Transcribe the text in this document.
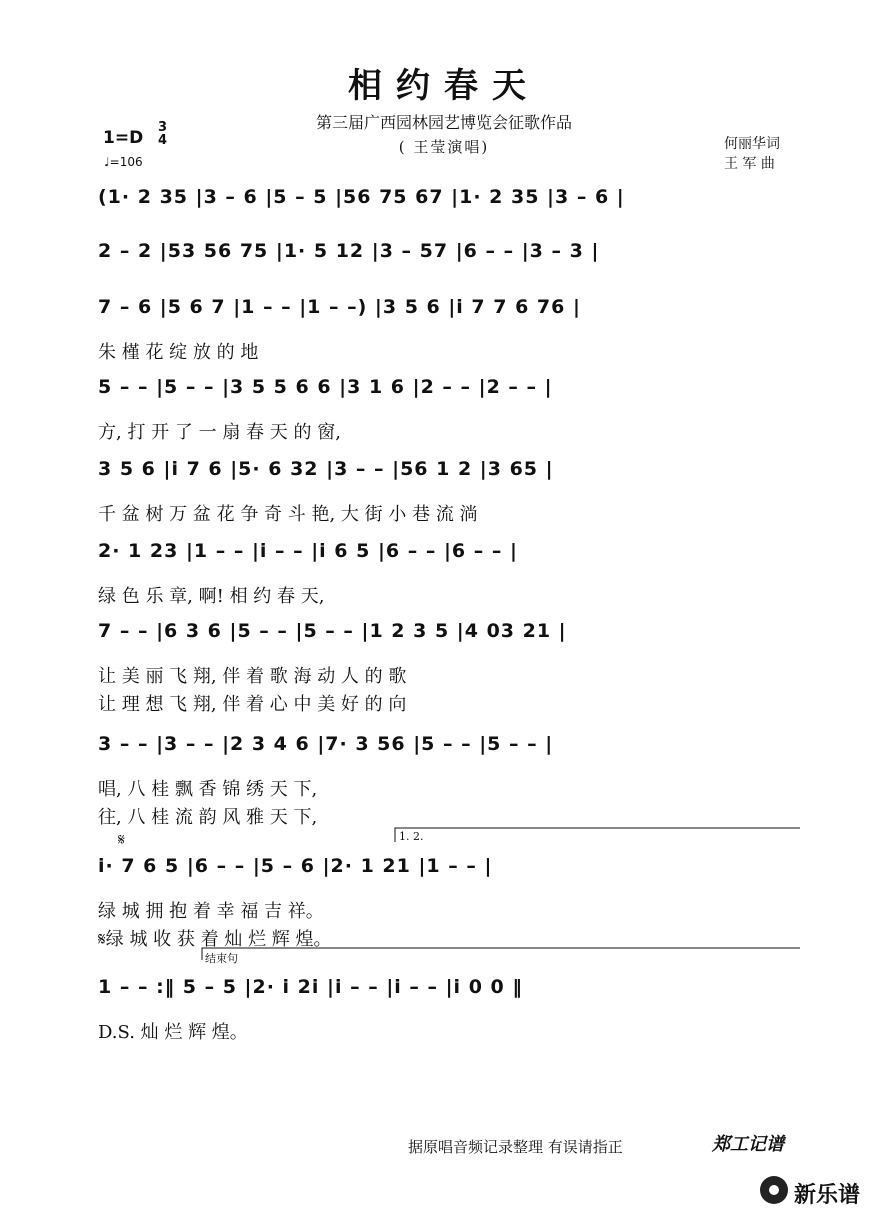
相约春天
第三届广西园林园艺博览会征歌作品
( 王莹演唱)
1=D
3
4
♩=106
何丽华词
王 军 曲
(1· 2 35 |3 – 6 |5 – 5 |56 75 67 |1· 2 35 |3 – 6 |
2 – 2 |53 56 75 |1· 5 12 |3 – 57 |6 – – |3 – 3 |
7 – 6 |5 6 7 |1 – – |1 – –) |3 5 6 |i 7 7 6 76 |
朱 槿 花 绽 放 的 地
5 – – |5 – – |3 5 5 6 6 |3 1 6 |2 – – |2 – – |
方, 打 开 了 一 扇 春 天 的 窗,
3 5 6 |i 7 6 |5· 6 32 |3 – – |56 1 2 |3 65 |
千 盆 树 万 盆 花 争 奇 斗 艳, 大 街 小 巷 流 淌
2· 1 23 |1 – – |i – – |i 6 5 |6 – – |6 – – |
绿 色 乐 章, 啊! 相 约 春 天,
7 – – |6 3 6 |5 – – |5 – – |1 2 3 5 |4 03 21 |
让 美 丽 飞 翔, 伴 着 歌 海 动 人 的 歌
让 理 想 飞 翔, 伴 着 心 中 美 好 的 向
3 – – |3 – – |2 3 4 6 |7· 3 56 |5 – – |5 – – |
唱, 八 桂 飘 香 锦 绣 天 下,
往, 八 桂 流 韵 风 雅 天 下,
i· 7 6 5 |6 – – |5 – 6 |2· 1 21 |1 – – |
绿 城 拥 抱 着 幸 福 吉 祥。
𝄋绿 城 收 获 着 灿 烂 辉 煌。
1 – – :‖ 5 – 5 |2· i 2i |i – – |i – – |i 0 0 ‖
D.S. 灿 烂 辉 煌。
𝄋	1. 2.
结束句
据原唱音频记录整理 有误请指正	郑工记谱
新乐谱
